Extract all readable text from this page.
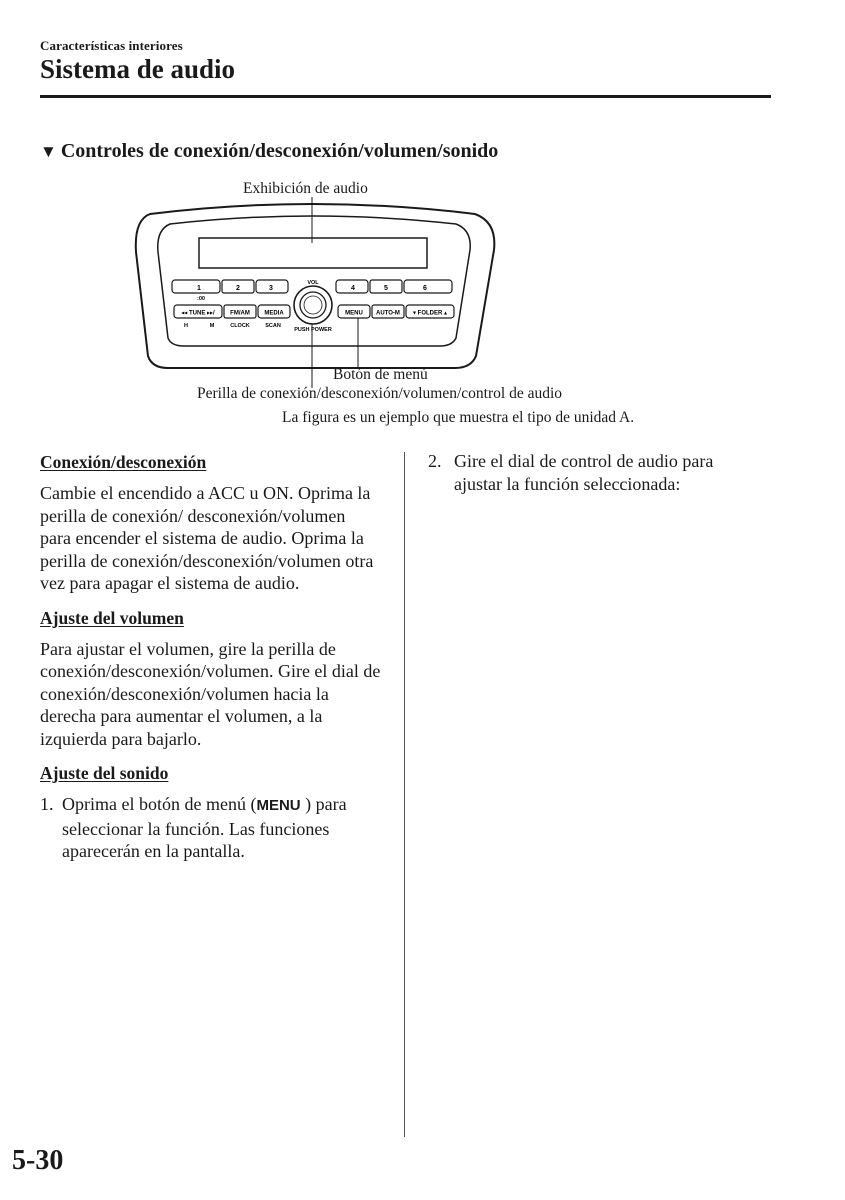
Características interiores
Sistema de audio
▼ Controles de conexión/desconexión/volumen/sonido
Exhibición de audio
1	2	3
:00
4	5	6
◂◂ TUNE ▸▸/	FM/AM MEDIA
H	M	CLOCK	SCAN
MENU AUTO-M ▾ FOLDER ▴
VOL
PUSH POWER
Botón de menú
Perilla de conexión/desconexión/volumen/control de audio
La figura es un ejemplo que muestra el tipo de unidad A.
Conexión/desconexión

Cambie el encendido a ACC u ON. Oprima la perilla de conexión/ desconexión/volumen para encender el sistema de audio. Oprima la perilla de conexión/desconexión/volumen otra vez para apagar el sistema de audio.

Ajuste del volumen

Para ajustar el volumen, gire la perilla de conexión/desconexión/volumen. Gire el dial de conexión/desconexión/volumen hacia la derecha para aumentar el volumen, a la izquierda para bajarlo.

Ajuste del sonido
1. Oprima el botón de menú (MENU ) para seleccionar la función. Las funciones aparecerán en la pantalla.
2. Gire el dial de control de audio para ajustar la función seleccionada:
5-30
